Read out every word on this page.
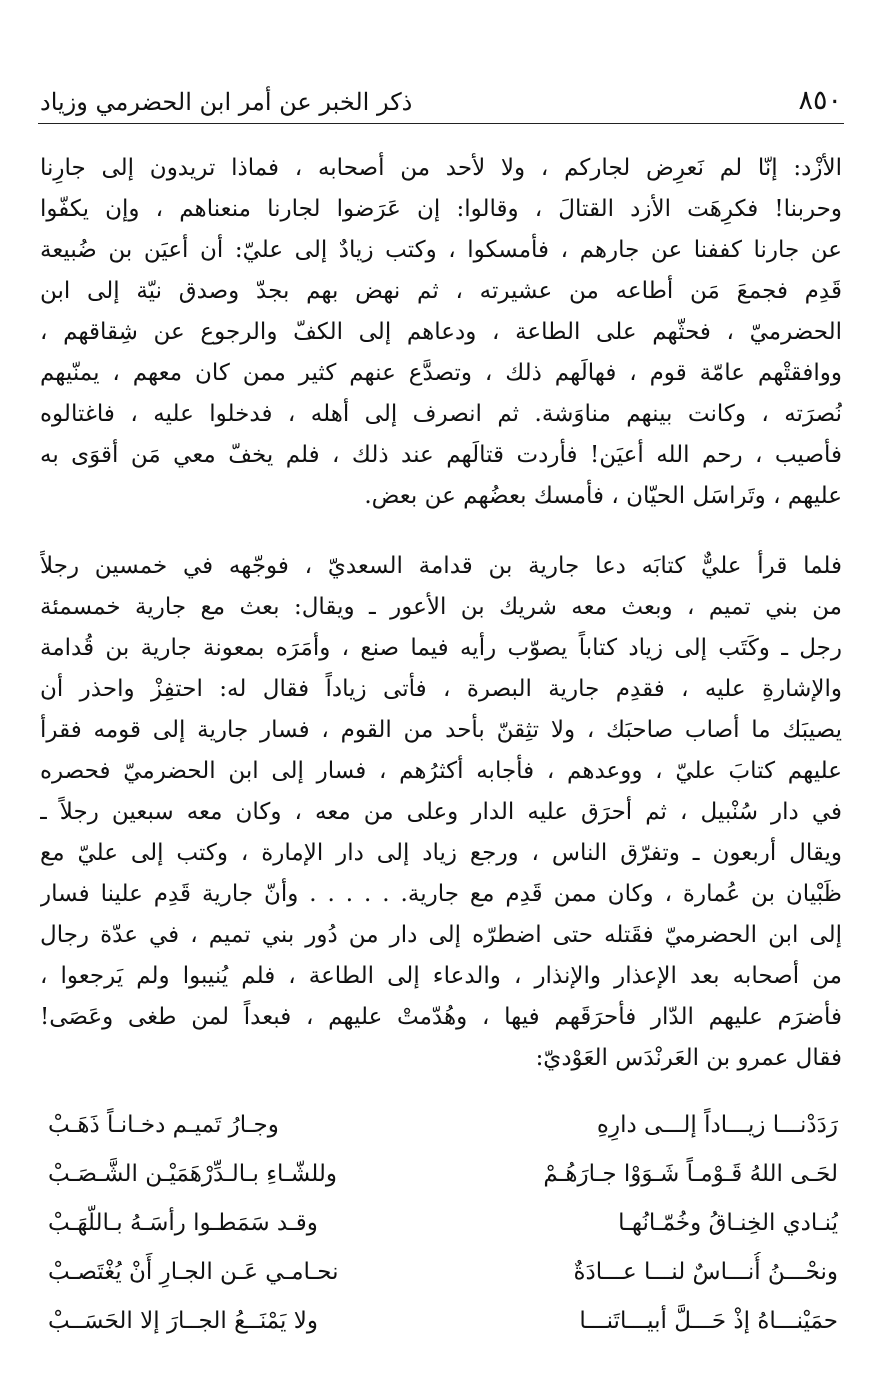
٨٥٠
ذكر الخبر عن أمر ابن الحضرمي وزياد

الأزْد: إنّا لم نَعرِض لجاركم ، ولا لأحد من أصحابه ، فماذا تريدون إلى جارِنا
وحربنا! فكرِهَت الأزد القتالَ ، وقالوا: إن عَرَضوا لجارنا منعناهم ، وإن يكفّوا
عن جارنا كففنا عن جارهم ، فأمسكوا ، وكتب زيادٌ إلى عليّ: أن أعيَن بن ضُبيعة
قَدِم فجمعَ مَن أطاعه من عشيرته ، ثم نهض بهم بجدّ وصدق نيّة إلى ابن
الحضرميّ ، فحثّهم على الطاعة ، ودعاهم إلى الكفّ والرجوع عن شِقاقهم ،
ووافقتْهم عامّة قوم ، فهالَهم ذلك ، وتصدَّع عنهم كثير ممن كان معهم ، يمنّيهم
نُصرَته ، وكانت بينهم مناوَشة. ثم انصرف إلى أهله ، فدخلوا عليه ، فاغتالوه
فأصيب ، رحم الله أعيَن! فأردت قتالَهم عند ذلك ، فلم يخفّ معي مَن أقوَى به
عليهم ، وتَراسَل الحيّان ، فأمسك بعضُهم عن بعض.

فلما قرأ عليٌّ كتابَه دعا جارية بن قدامة السعديّ ، فوجّهه في خمسين رجلاً
من بني تميم ، وبعث معه شريك بن الأعور ـ ويقال: بعث مع جارية خمسمئة
رجل ـ وكَتَب إلى زياد كتاباً يصوّب رأيه فيما صنع ، وأمَرَه بمعونة جارية بن قُدامة
والإشارةِ عليه ، فقدِم جارية البصرة ، فأتى زياداً فقال له: احتفِزْ واحذر أن
يصيبَك ما أصاب صاحبَك ، ولا تثِقنّ بأحد من القوم ، فسار جارية إلى قومه فقرأ
عليهم كتابَ عليّ ، ووعدهم ، فأجابه أكثرُهم ، فسار إلى ابن الحضرميّ فحصره
في دار سُنْبيل ، ثم أحرَق عليه الدار وعلى من معه ، وكان معه سبعين رجلاً ـ
ويقال أربعون ـ وتفرّق الناس ، ورجع زياد إلى دار الإمارة ، وكتب إلى عليّ مع
ظَبْيان بن عُمارة ، وكان ممن قَدِم مع جارية. . . . . . وأنّ جارية قَدِم علينا فسار
إلى ابن الحضرميّ فقَتله حتى اضطرّه إلى دار من دُور بني تميم ، في عدّة رجال
من أصحابه بعد الإعذار والإنذار ، والدعاء إلى الطاعة ، فلم يُنيبوا ولم يَرجعوا ،
فأضرَم عليهم الدّار فأحرَقَهم فيها ، وهُدّمتْ عليهم ، فبعداً لمن طغى وعَصَى!
فقال عمرو بن العَرنْدَس العَوْديّ:

رَدَدْنـــا زيـــاداً إلـــى دارِهِ
وجـارُ تَميـم دخـانـاً ذَهَـبْ
لحَـى اللهُ قَـوْمـاً شَـوَوْا جـارَهُـمْ
وللشّـاءِ بـالـدِّرْهَمَيْـن الشَّـصَـبْ
يُنـادي الخِنـاقُ وخُمّـانُهـا
وقـد سَمَطـوا رأسَـهُ بـاللّهَـبْ
ونحْـــنُ أُنـــاسٌ لنـــا عـــادَةٌ
نحـامـي عَـن الجـارِ أَنْ يُغْتَصـبْ
حمَيْنـــاهُ إذْ حَـــلَّ أبيـــاتَنـــا
ولا يَمْنَــعُ الجــارَ إلا الحَسَــبْ
